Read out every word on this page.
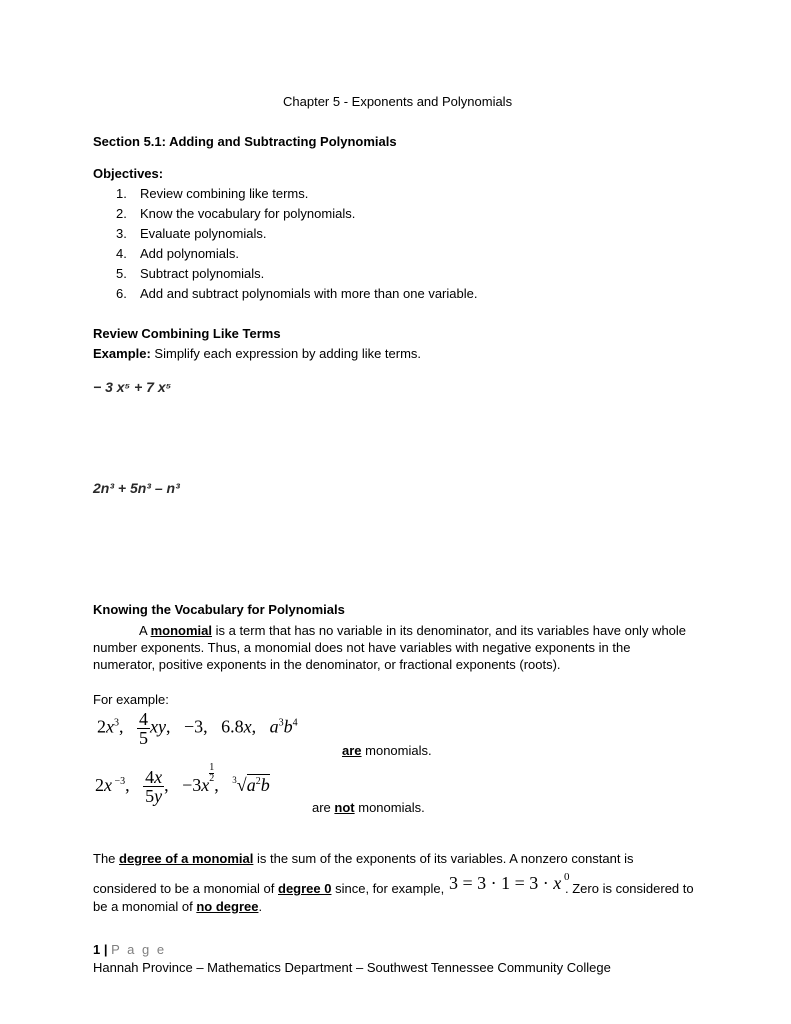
Chapter 5 - Exponents and Polynomials
Section 5.1: Adding and Subtracting Polynomials
Objectives:
1. Review combining like terms.
2. Know the vocabulary for polynomials.
3. Evaluate polynomials.
4. Add polynomials.
5. Subtract polynomials.
6. Add and subtract polynomials with more than one variable.
Review Combining Like Terms
Example: Simplify each expression by adding like terms.
− 3 x⁵ + 7 x⁵
2n³ + 5n³ – n³
Knowing the Vocabulary for Polynomials
A monomial is a term that has no variable in its denominator, and its variables have only whole
number exponents. Thus, a monomial does not have variables with negative exponents in the
numerator, positive exponents in the denominator, or fractional exponents (roots).
For example:
$2x^3$, $\frac{4}{5}$ xy,   −3,   6.8x,   $a^3b^4$
are monomials.
2x $^{-3}$, $\frac{4x}{5y}$ ,   −3x
$\frac{1}{2}$
,   $^3√a^2b$
are not monomials.
The degree of a monomial is the sum of the exponents of its variables. A nonzero constant is
considered to be a monomial of degree 0 since, for example, 3 = 3 · 1 = 3 · x $^0$
. Zero is considered to
be a monomial of no degree.
1 | P a g e
Hannah Province – Mathematics Department – Southwest Tennessee Community College
